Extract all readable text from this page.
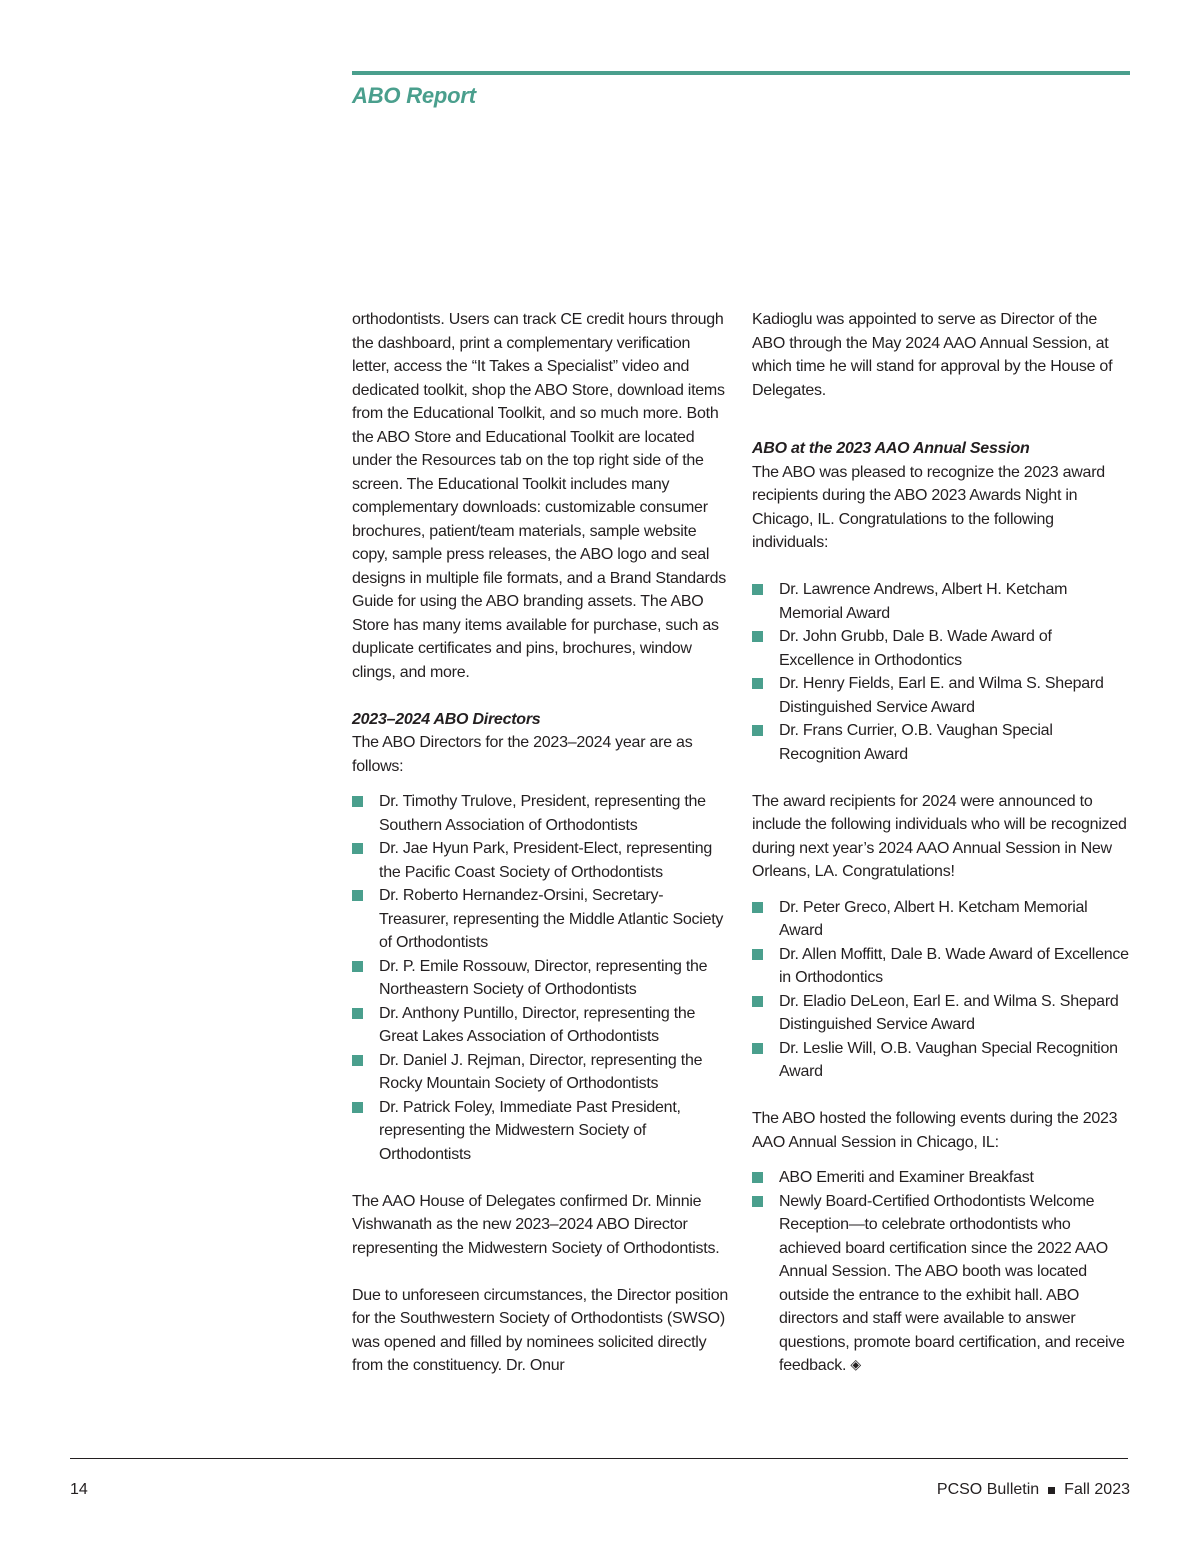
ABO Report

orthodontists. Users can track CE credit hours through the dashboard, print a complementary verification letter, access the “It Takes a Specialist” video and dedicated toolkit, shop the ABO Store, download items from the Educational Toolkit, and so much more. Both the ABO Store and Educational Toolkit are located under the Resources tab on the top right side of the screen. The Educational Toolkit includes many complementary downloads: customizable consumer brochures, patient/team materials, sample website copy, sample press releases, the ABO logo and seal designs in multiple file formats, and a Brand Standards Guide for using the ABO branding assets. The ABO Store has many items available for purchase, such as duplicate certificates and pins, brochures, window clings, and more.

2023–2024 ABO Directors

The ABO Directors for the 2023–2024 year are as follows:

Dr. Timothy Trulove, President, representing the Southern Association of Orthodontists
Dr. Jae Hyun Park, President-Elect, representing the Pacific Coast Society of Orthodontists
Dr. Roberto Hernandez-Orsini, Secretary-Treasurer, representing the Middle Atlantic Society of Orthodontists
Dr. P. Emile Rossouw, Director, representing the Northeastern Society of Orthodontists
Dr. Anthony Puntillo, Director, representing the Great Lakes Association of Orthodontists
Dr. Daniel J. Rejman, Director, representing the Rocky Mountain Society of Orthodontists
Dr. Patrick Foley, Immediate Past President, representing the Midwestern Society of Orthodontists

The AAO House of Delegates confirmed Dr. Minnie Vishwanath as the new 2023–2024 ABO Director representing the Midwestern Society of Orthodontists.

Due to unforeseen circumstances, the Director position for the Southwestern Society of Orthodontists (SWSO) was opened and filled by nominees solicited directly from the constituency. Dr. Onur

Kadioglu was appointed to serve as Director of the ABO through the May 2024 AAO Annual Session, at which time he will stand for approval by the House of Delegates.

ABO at the 2023 AAO Annual Session

The ABO was pleased to recognize the 2023 award recipients during the ABO 2023 Awards Night in Chicago, IL. Congratulations to the following individuals:

Dr. Lawrence Andrews, Albert H. Ketcham Memorial Award
Dr. John Grubb, Dale B. Wade Award of Excellence in Orthodontics
Dr. Henry Fields, Earl E. and Wilma S. Shepard Distinguished Service Award
Dr. Frans Currier, O.B. Vaughan Special Recognition Award

The award recipients for 2024 were announced to include the following individuals who will be recognized during next year’s 2024 AAO Annual Session in New Orleans, LA. Congratulations!

Dr. Peter Greco, Albert H. Ketcham Memorial Award
Dr. Allen Moffitt, Dale B. Wade Award of Excellence in Orthodontics
Dr. Eladio DeLeon, Earl E. and Wilma S. Shepard Distinguished Service Award
Dr. Leslie Will, O.B. Vaughan Special Recognition Award

The ABO hosted the following events during the 2023 AAO Annual Session in Chicago, IL:

ABO Emeriti and Examiner Breakfast
Newly Board-Certified Orthodontists Welcome Reception—to celebrate orthodontists who achieved board certification since the 2022 AAO Annual Session. The ABO booth was located outside the entrance to the exhibit hall. ABO directors and staff were available to answer questions, promote board certification, and receive feedback. ◈
14	PCSO Bulletin Fall 2023
